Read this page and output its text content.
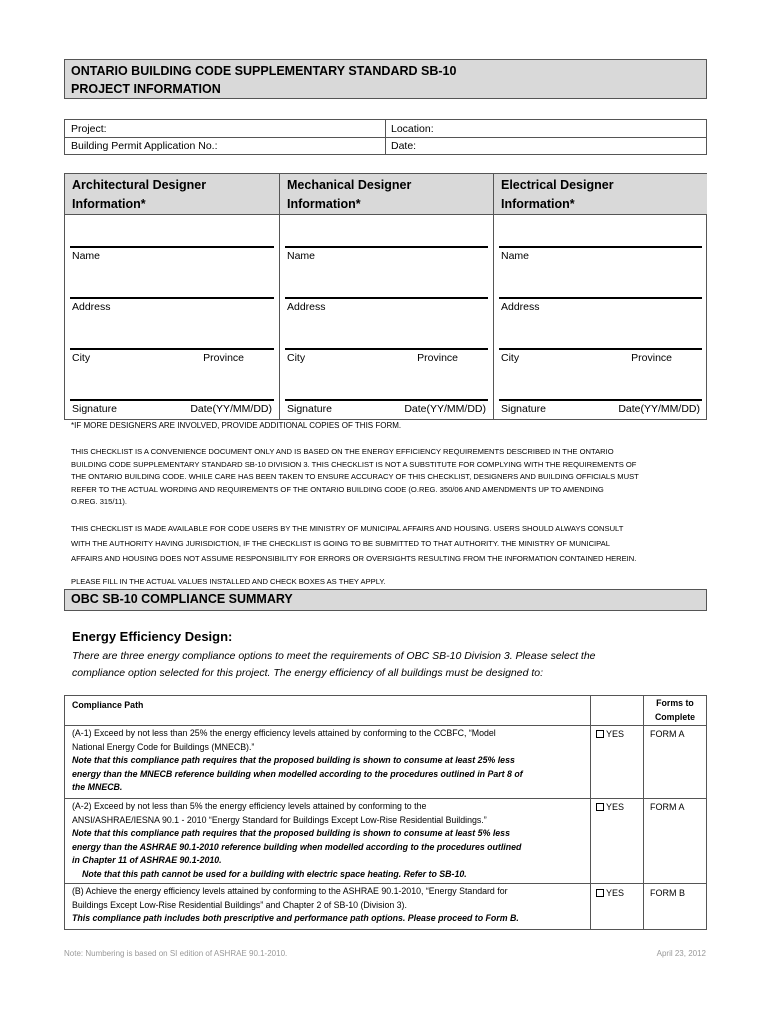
ONTARIO BUILDING CODE SUPPLEMENTARY STANDARD SB-10
PROJECT INFORMATION
Project:	Location:
Building Permit Application No.:	Date:
Architectural Designer
Information*
Name
Address
City	Province
Signature	Date(YY/MM/DD)
Mechanical Designer
Information*
Name
Address
City	Province
Signature	Date(YY/MM/DD)
Electrical Designer
Information*
Name
Address
City	Province
Signature	Date(YY/MM/DD)
*IF MORE DESIGNERS ARE INVOLVED, PROVIDE ADDITIONAL COPIES OF THIS FORM.
THIS CHECKLIST IS A CONVENIENCE DOCUMENT ONLY AND IS BASED ON THE ENERGY EFFICIENCY REQUIREMENTS DESCRIBED IN THE ONTARIO
BUILDING CODE SUPPLEMENTARY STANDARD SB-10 DIVISION 3. THIS CHECKLIST IS NOT A SUBSTITUTE FOR COMPLYING WITH THE REQUIREMENTS OF
THE ONTARIO BUILDING CODE. WHILE CARE HAS BEEN TAKEN TO ENSURE ACCURACY OF THIS CHECKLIST, DESIGNERS AND BUILDING OFFICIALS MUST
REFER TO THE ACTUAL WORDING AND REQUIREMENTS OF THE ONTARIO BUILDING CODE (O.REG. 350/06 AND AMENDMENTS UP TO AMENDING
O.REG. 315/11).
THIS CHECKLIST IS MADE AVAILABLE FOR CODE USERS BY THE MINISTRY OF MUNICIPAL AFFAIRS AND HOUSING. USERS SHOULD ALWAYS CONSULT
WITH THE AUTHORITY HAVING JURISDICTION, IF THE CHECKLIST IS GOING TO BE SUBMITTED TO THAT AUTHORITY. THE MINISTRY OF MUNICIPAL
AFFAIRS AND HOUSING DOES NOT ASSUME RESPONSIBILITY FOR ERRORS OR OVERSIGHTS RESULTING FROM THE INFORMATION CONTAINED HEREIN.
PLEASE FILL IN THE ACTUAL VALUES INSTALLED AND CHECK BOXES AS THEY APPLY.
OBC SB-10 COMPLIANCE SUMMARY
Energy Efficiency Design:
There are three energy compliance options to meet the requirements of OBC SB-10 Division 3. Please select the
compliance option selected for this project. The energy efficiency of all buildings must be designed to:
Compliance Path	Forms to
Complete
(A-1) Exceed by not less than 25% the energy efficiency levels attained by conforming to the CCBFC, “Model
National Energy Code for Buildings (MNECB).”
Note that this compliance path requires that the proposed building is shown to consume at least 25% less
energy than the MNECB reference building when modelled according to the procedures outlined in Part 8 of
the MNECB.
YES	FORM A
(A-2) Exceed by not less than 5% the energy efficiency levels attained by conforming to the
ANSI/ASHRAE/IESNA 90.1 - 2010 “Energy Standard for Buildings Except Low-Rise Residential Buildings.”
Note that this compliance path requires that the proposed building is shown to consume at least 5% less
energy than the ASHRAE 90.1-2010 reference building when modelled according to the procedures outlined
in Chapter 11 of ASHRAE 90.1-2010.
Note that this path cannot be used for a building with electric space heating. Refer to SB-10.
YES	FORM A
(B) Achieve the energy efficiency levels attained by conforming to the ASHRAE 90.1-2010, “Energy Standard for
Buildings Except Low-Rise Residential Buildings” and Chapter 2 of SB-10 (Division 3).
This compliance path includes both prescriptive and performance path options. Please proceed to Form B.
YES	FORM B
Note: Numbering is based on SI edition of ASHRAE 90.1-2010.	April 23, 2012
